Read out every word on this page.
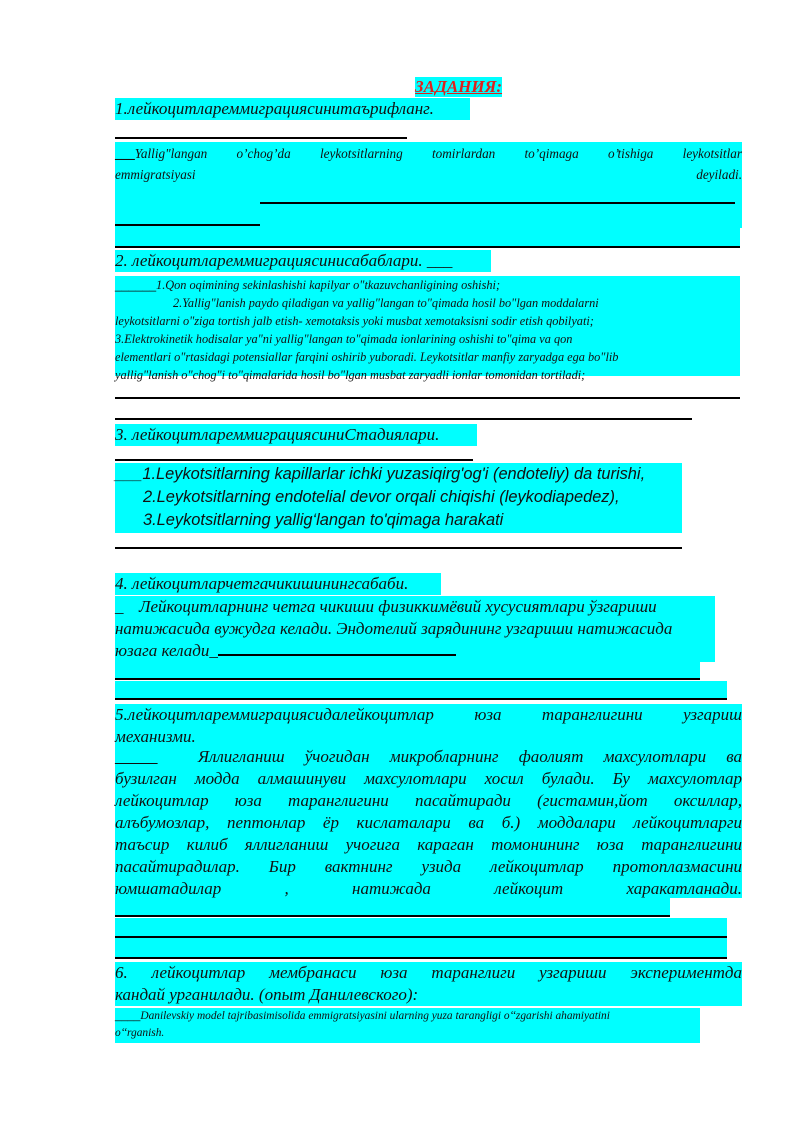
ЗАДАНИЯ:
1.лейкоцитлареммиграциясинитаърифланг.
___Yallig"langan o’chog’da leykotsitlarning tomirlardan to’qimaga o’tishiga leykotsitlar
emmigratsiyasi	deyiladi.
2. лейкоцитлареммиграциясинисабаблари. ___
______1.Qon oqimining sekinlashishi kapilyar o"tkazuvchanligining oshishi;
2.Yallig"lanish paydo qiladigan va yallig"langan to"qimada hosil bo"lgan moddalarni
leykotsitlarni o"ziga tortish jalb etish- xemotaksis yoki musbat xemotaksisni sodir etish qobilyati;
3.Elektrokinetik hodisalar ya"ni yallig"langan to"qimada ionlarining oshishi to"qima va qon
elementlari o"rtasidagi potensiallar farqini oshirib yuboradi. Leykotsitlar manfiy zaryadga ega bo"lib
yallig"lanish o"chog"i to"qimalarida hosil bo"lgan musbat zaryadli ionlar tomonidan tortiladi;
3. лейкоцитлареммиграциясиниСтадиялари.
___1.Leykotsitlarning kapillarlar ichki yuzasiqirg'og'i (endoteliy) da turishi,
2.Leykotsitlarning endotelial devor orqali chiqishi (leykodiapedez),
3.Leykotsitlarning yallig‘langan to'qimaga harakati
4. лейкоцитларчетгачикишинингсабаби.
_ Лейкоцитларнинг четга чикиши физиккимёвий хусусиятлари ўзгариши
натижасида вужудга келади. Эндотелий зарядининг узгариши натижасида
юзага келади_
5.лейкоцитлареммиграциясидалейкоцитлар юза таранглигини узгариш
механизми.
_____ Яллигланиш ўчогидан микробларнинг фаолият махсулотлари ва
бузилган модда алмашинуви махсулотлари хосил булади. Бу махсулотлар
лейкоцитлар юза таранглигини пасайтиради (гистамин,йот оксиллар,
алъбумозлар, пептонлар ёр кислаталари ва б.) моддалари лейкоцитларги
таъсир килиб яллигланиш учогига караган томонининг юза таранглигини
пасайтирадилар. Бир вактнинг узида лейкоцитлар протоплазмасини
юмшатадилар , натижада лейкоцит харакатланади.
6. лейкоцитлар мембранаси юза таранглиги узгариши экспериментда
кандай урганилади. (опыт Данилевского):
____Danilevskiy model tajribasimisolida emmigratsiyasini ularning yuza tarangligi o‘‘zgarishi ahamiyatini
o‘‘rganish.
